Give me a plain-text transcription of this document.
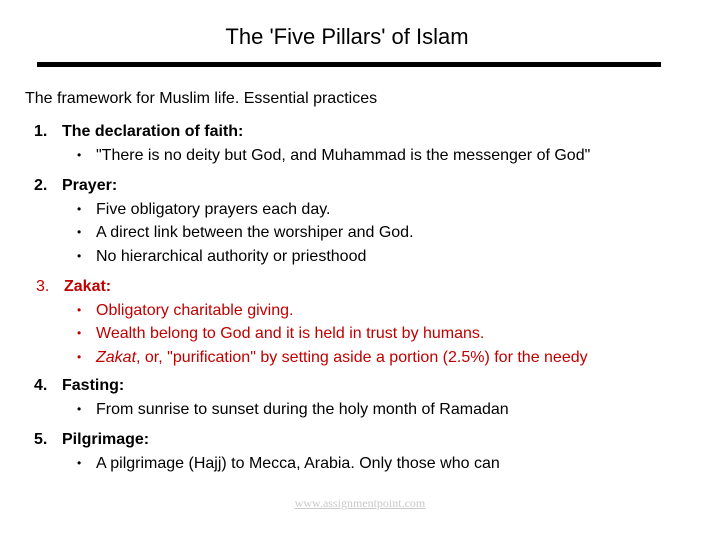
The 'Five Pillars' of Islam
The framework for Muslim life. Essential practices
1. The declaration of faith:
• "There is no deity but God, and Muhammad is the messenger of God"
2. Prayer:
• Five obligatory prayers each day.
• A direct link between the worshiper and God.
• No hierarchical authority or priesthood
3. Zakat:
• Obligatory charitable giving.
• Wealth belong to God and it is held in trust by humans.
• Zakat, or, "purification" by setting aside a portion (2.5%) for the needy
4. Fasting:
• From sunrise to sunset during the holy month of Ramadan
5. Pilgrimage:
• A pilgrimage (Hajj) to Mecca, Arabia. Only those who can
www.assignmentpoint.com
